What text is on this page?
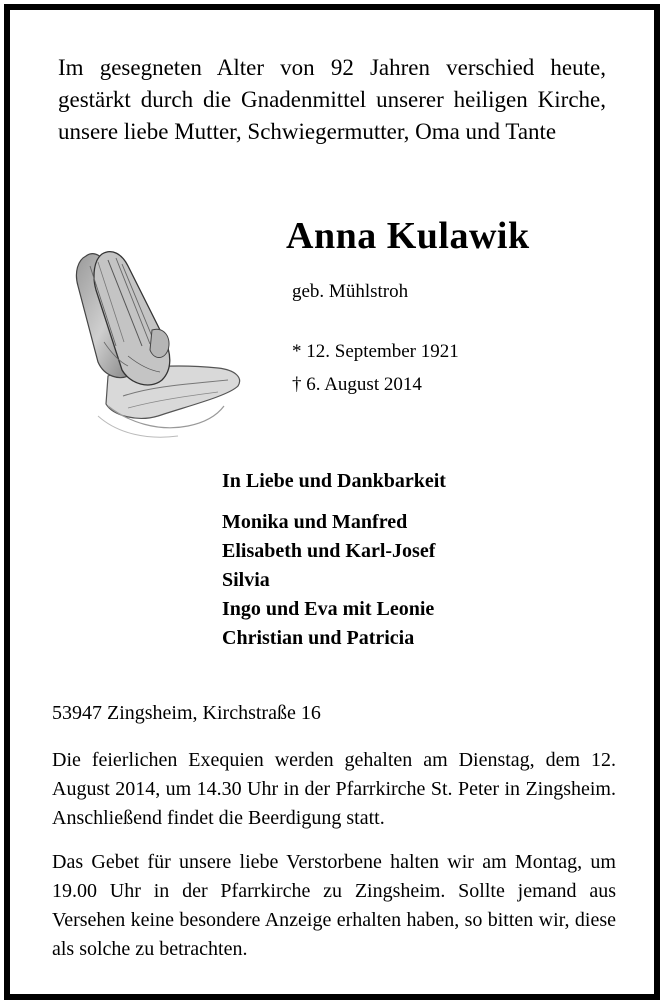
Im gesegneten Alter von 92 Jahren verschied heute, gestärkt durch die Gnadenmittel unserer heiligen Kirche, unsere liebe Mutter, Schwiegermutter, Oma und Tante
Anna Kulawik
geb. Mühlstroh
* 12. September 1921
† 6. August 2014
In Liebe und Dankbarkeit
Monika und Manfred
Elisabeth und Karl-Josef
Silvia
Ingo und Eva mit Leonie
Christian und Patricia
53947 Zingsheim, Kirchstraße 16
Die feierlichen Exequien werden gehalten am Dienstag, dem 12. August 2014, um 14.30 Uhr in der Pfarrkirche St. Peter in Zingsheim. Anschließend findet die Beerdigung statt.
Das Gebet für unsere liebe Verstorbene halten wir am Montag, um 19.00 Uhr in der Pfarrkirche zu Zingsheim. Sollte jemand aus Versehen keine besondere Anzeige erhalten haben, so bitten wir, diese als solche zu betrachten.
